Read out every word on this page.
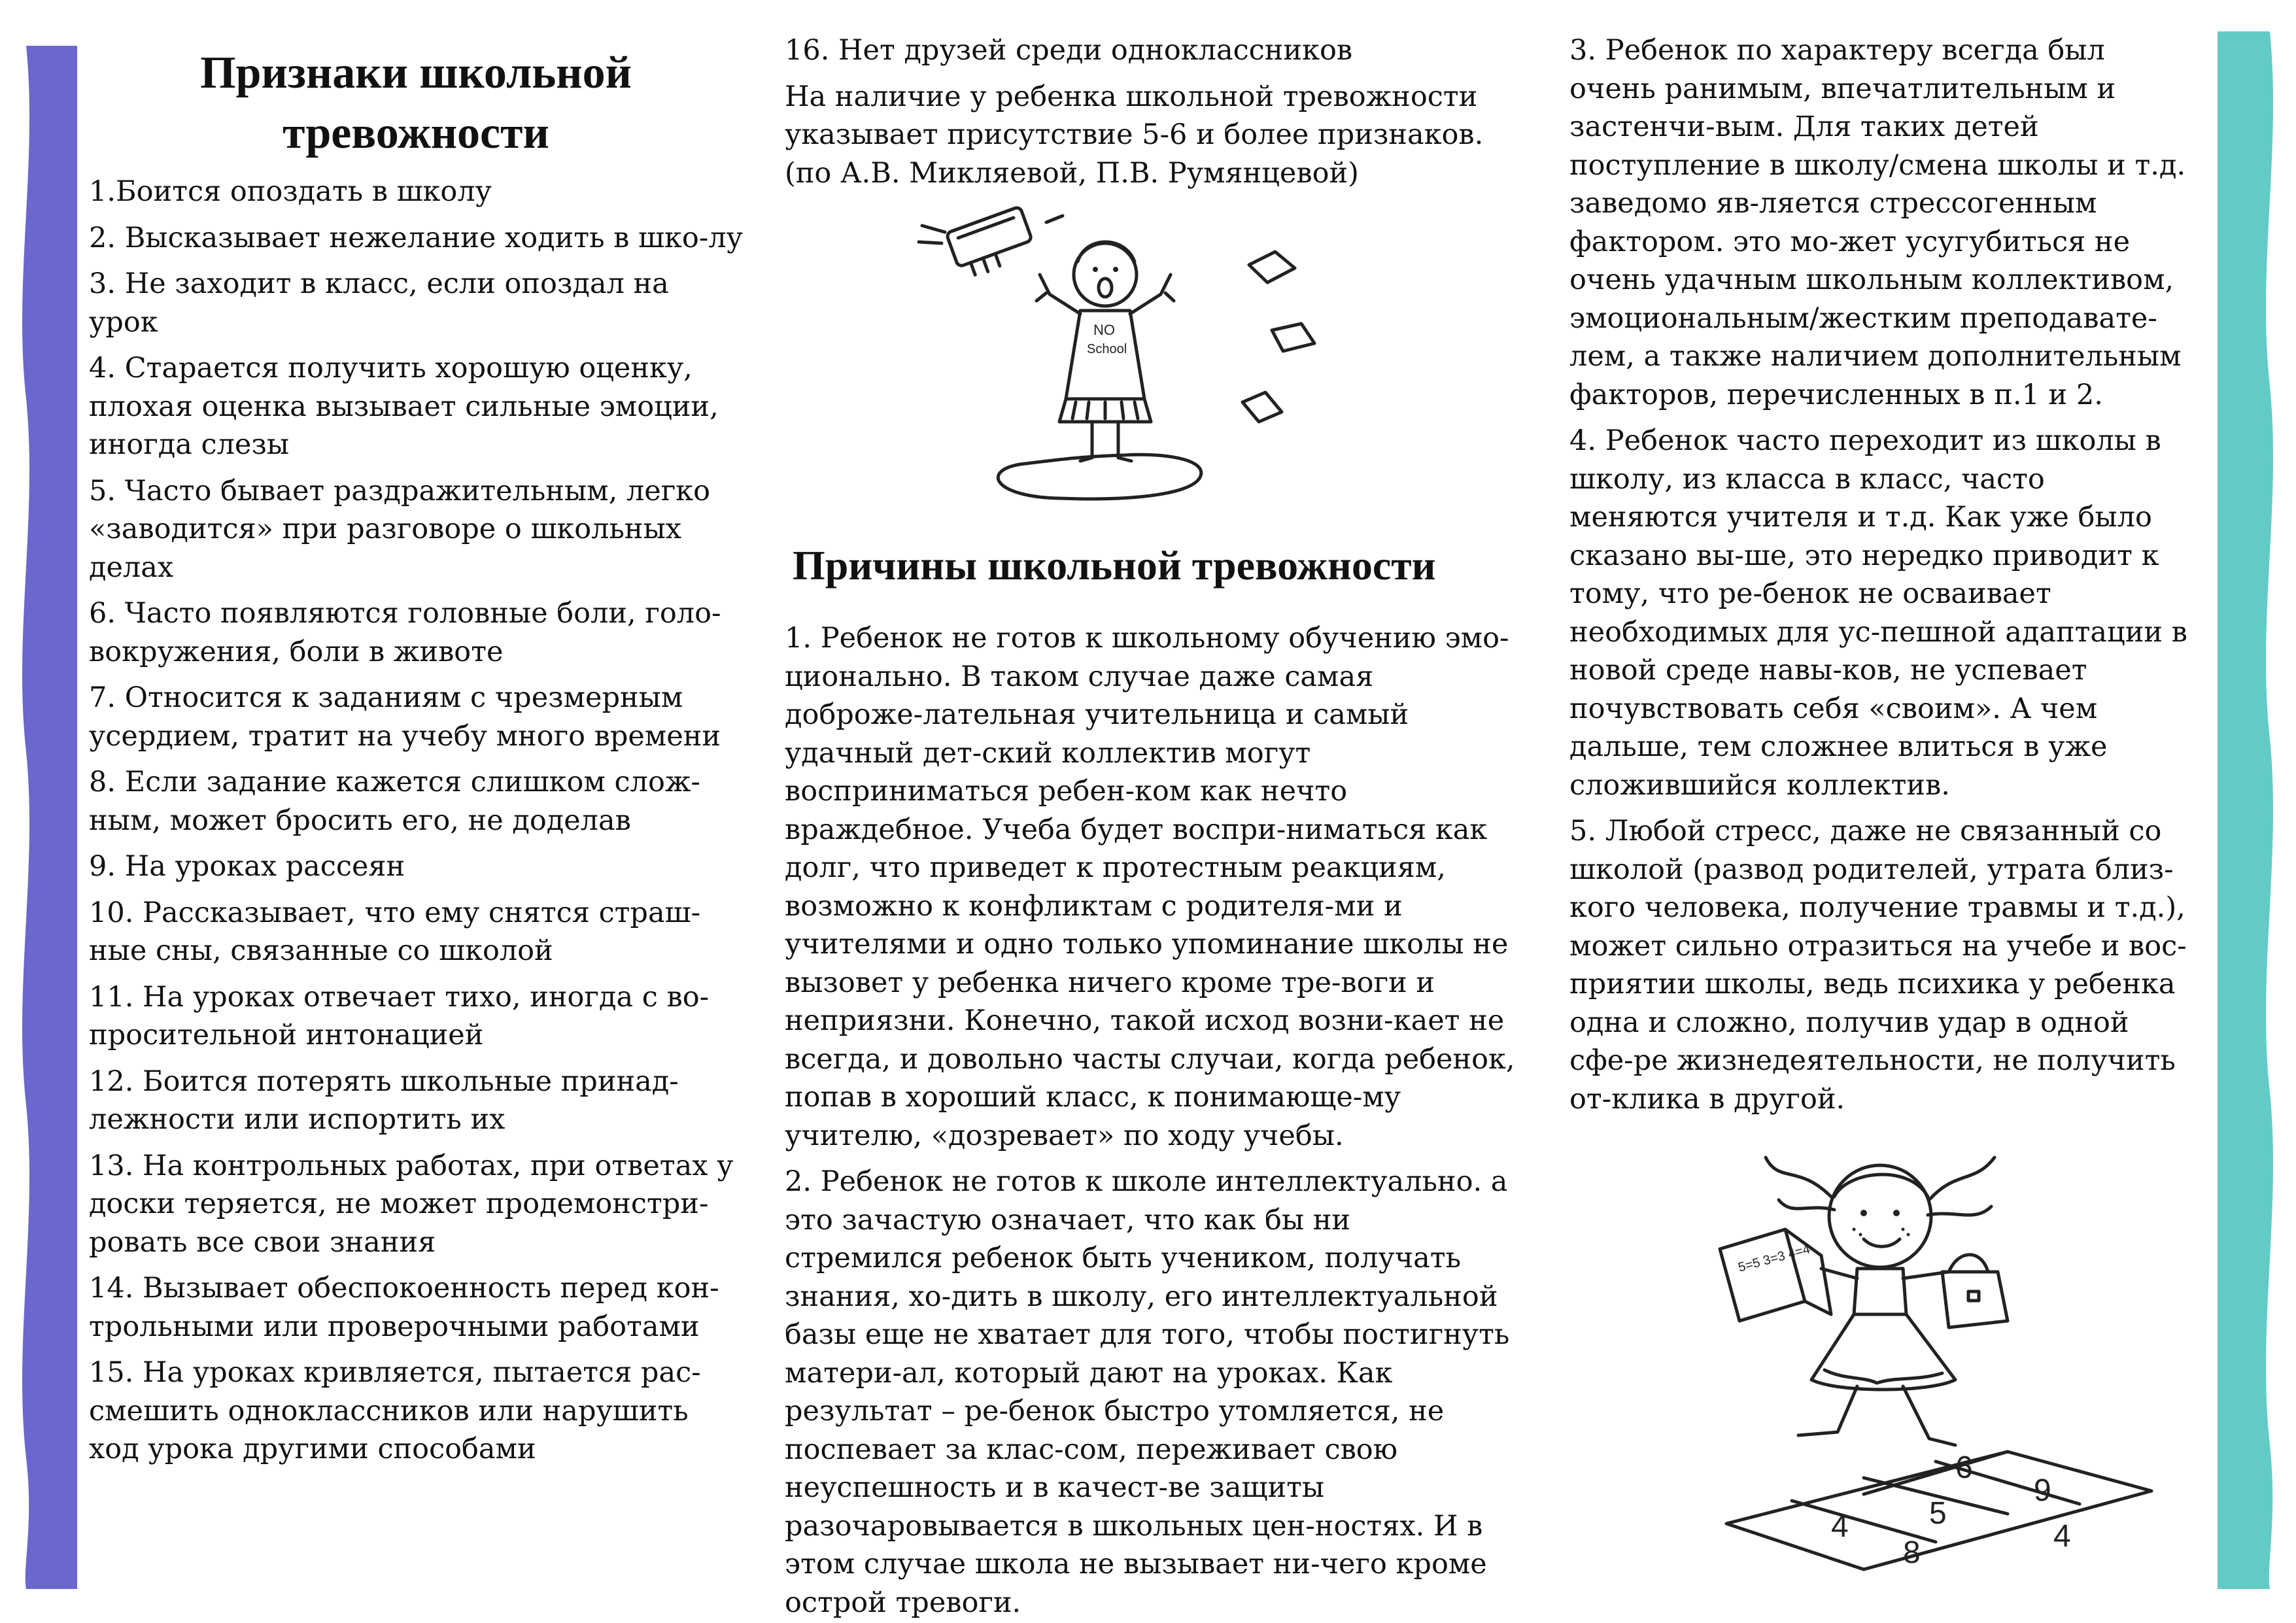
Признаки школьной тревожности

1.Боится опоздать в школу

2. Высказывает нежелание ходить в шко-лу

3. Не заходит в класс, если опоздал на урок

4. Старается получить хорошую оценку, плохая оценка вызывает сильные эмоции, иногда слезы

5. Часто бывает раздражительным, легко «заводится» при разговоре о школьных делах

6. Часто появляются головные боли, голо-вокружения, боли в животе

7. Относится к заданиям с чрезмерным усердием, тратит на учебу много времени

8. Если задание кажется слишком слож-ным, может бросить его, не доделав

9. На уроках рассеян

10. Рассказывает, что ему снятся страш-ные сны, связанные со школой

11. На уроках отвечает тихо, иногда с во-просительной интонацией

12. Боится потерять школьные принад-лежности или испортить их

13. На контрольных работах, при ответах у доски теряется, не может продемонстри-ровать все свои знания

14. Вызывает обеспокоенность перед кон-трольными или проверочными работами

15. На уроках кривляется, пытается рас-смешить одноклассников или нарушить ход урока другими способами

16. Нет друзей среди одноклассников

На наличие у ребенка школьной тревожности указывает присутствие 5-6 и более признаков. (по А.В. Микляевой, П.В. Румянцевой)

NO
School
Причины школьной тревожности

1. Ребенок не готов к школьному обучению эмо-ционально. В таком случае даже самая доброже-лательная учительница и самый удачный дет-ский коллектив могут восприниматься ребен-ком как нечто враждебное. Учеба будет воспри-ниматься как долг, что приведет к протестным реакциям, возможно к конфликтам с родителя-ми и учителями и одно только упоминание школы не вызовет у ребенка ничего кроме тре-воги и неприязни. Конечно, такой исход возни-кает не всегда, и довольно часты случаи, когда ребенок, попав в хороший класс, к понимающе-му учителю, «дозревает» по ходу учебы.

2. Ребенок не готов к школе интеллектуально. а это зачастую означает, что как бы ни стремился ребенок быть учеником, получать знания, хо-дить в школу, его интеллектуальной базы еще не хватает для того, чтобы постигнуть матери-ал, который дают на уроках. Как результат – ре-бенок быстро утомляется, не поспевает за клас-сом, переживает свою неуспешность и в качест-ве защиты разочаровывается в школьных цен-ностях. И в этом случае школа не вызывает ни-чего кроме острой тревоги.

3. Ребенок по характеру всегда был очень ранимым, впечатлительным и застенчи-вым. Для таких детей поступление в школу/смена школы и т.д. заведомо яв-ляется стрессогенным фактором. это мо-жет усугубиться не очень удачным школьным коллективом, эмоциональным/жестким преподавате-лем, а также наличием дополнительным факторов, перечисленных в п.1 и 2.

4. Ребенок часто переходит из школы в школу, из класса в класс, часто меняются учителя и т.д. Как уже было сказано вы-ше, это нередко приводит к тому, что ре-бенок не осваивает необходимых для ус-пешной адаптации в новой среде навы-ков, не успевает почувствовать себя «своим». А чем дальше, тем сложнее влиться в уже сложившийся коллектив.

5. Любой стресс, даже не связанный со школой (развод родителей, утрата близ-кого человека, получение травмы и т.д.), может сильно отразиться на учебе и вос-приятии школы, ведь психика у ребенка одна и сложно, получив удар в одной сфе-ре жизнедеятельности, не получить от-клика в другой.

5=5 3=3 4=4
6
9
5
4
8	4
